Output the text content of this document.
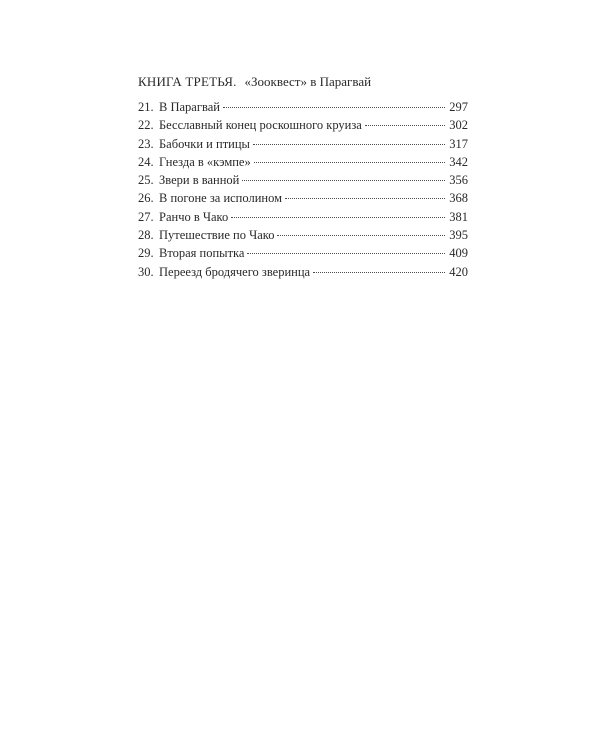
КНИГА ТРЕТЬЯ. «Зооквест» в Парагвай
21. В Парагвай	297
22. Бесславный конец роскошного круиза	302
23. Бабочки и птицы	317
24. Гнезда в «кэмпе»	342
25. Звери в ванной	356
26. В погоне за исполином	368
27. Ранчо в Чако	381
28. Путешествие по Чако	395
29. Вторая попытка	409
30. Переезд бродячего зверинца	420
